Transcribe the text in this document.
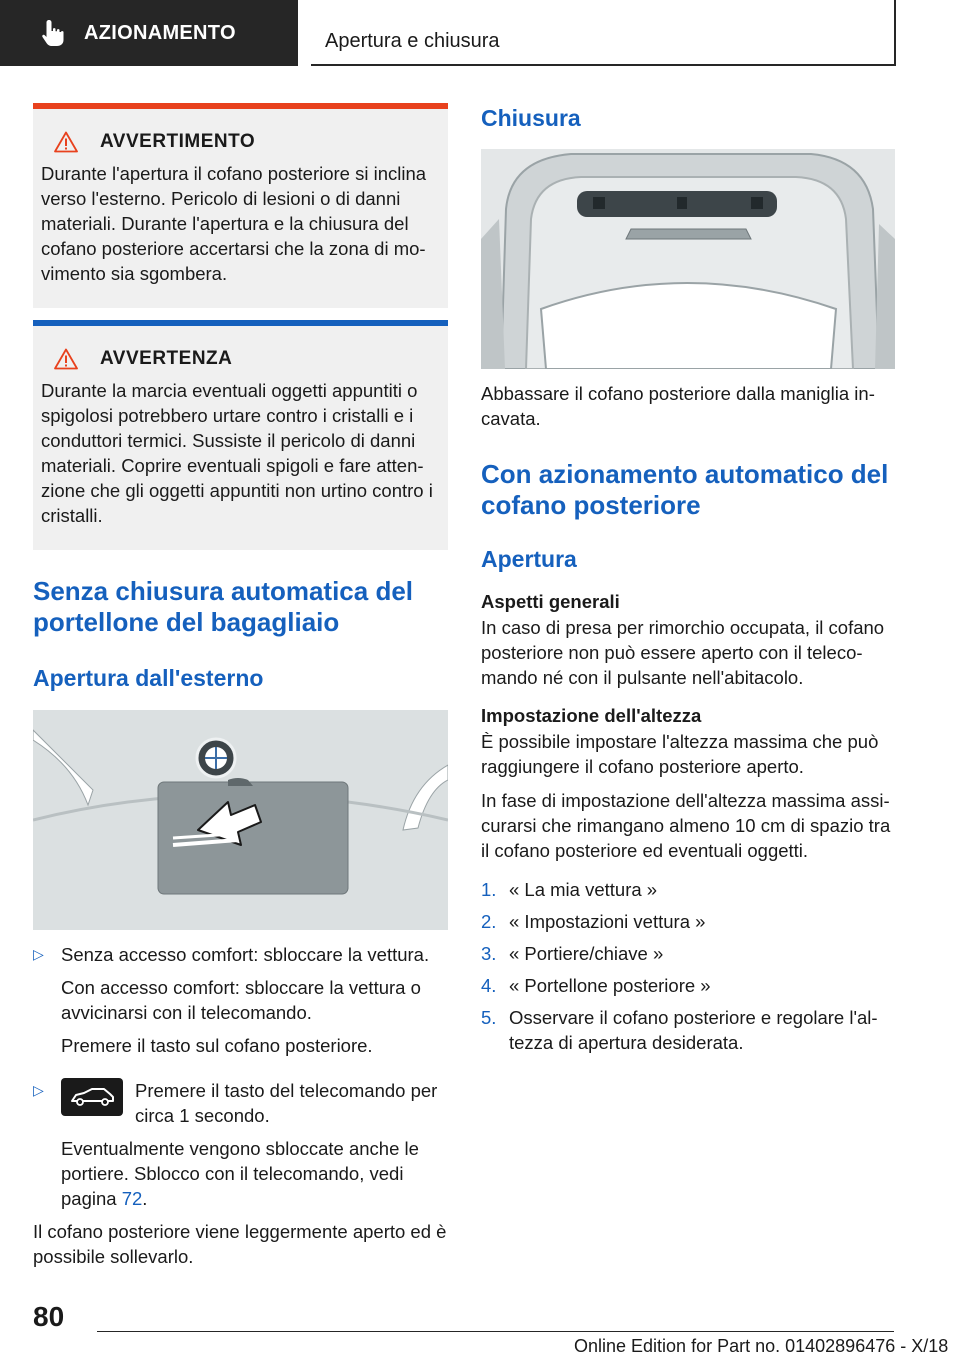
AZIONAMENTO	Apertura e chiusura
AVVERTIMENTO
Durante l'apertura il cofano posteriore si inclina verso l'esterno. Pericolo di lesioni o di danni materiali. Durante l'apertura e la chiusura del cofano posteriore accertarsi che la zona di mo-vimento sia sgombera.
AVVERTENZA
Durante la marcia eventuali oggetti appuntiti o spigolosi potrebbero urtare contro i cristalli e i conduttori termici. Sussiste il pericolo di danni materiali. Coprire eventuali spigoli e fare atten-zione che gli oggetti appuntiti non urtino contro i cristalli.
Senza chiusura automatica del portellone del bagagliaio
Apertura dall'esterno
▷ Senza accesso comfort: sbloccare la vettura.

Con accesso comfort: sbloccare la vettura o avvicinarsi con il telecomando.

Premere il tasto sul cofano posteriore.

▷	Premere il tasto del telecomando per circa 1 secondo.

Eventualmente vengono sbloccate anche le portiere. Sblocco con il telecomando, vedi pagina 72.

Il cofano posteriore viene leggermente aperto ed è possibile sollevarlo.

Chiusura

Abbassare il cofano posteriore dalla maniglia in-cavata.

Con azionamento automatico del cofano posteriore
Apertura
Aspetti generali

In caso di presa per rimorchio occupata, il cofano posteriore non può essere aperto con il teleco-mando né con il pulsante nell'abitacolo.

Impostazione dell'altezza

È possibile impostare l'altezza massima che può raggiungere il cofano posteriore aperto.

In fase di impostazione dell'altezza massima assi-curarsi che rimangano almeno 10 cm di spazio tra il cofano posteriore ed eventuali oggetti.

1. « La mia vettura »
2. « Impostazioni vettura »
3. « Portiere/chiave »
4. « Portellone posteriore »
5. Osservare il cofano posteriore e regolare l'al-tezza di apertura desiderata.
80
Online Edition for Part no. 01402896476 - X/18
